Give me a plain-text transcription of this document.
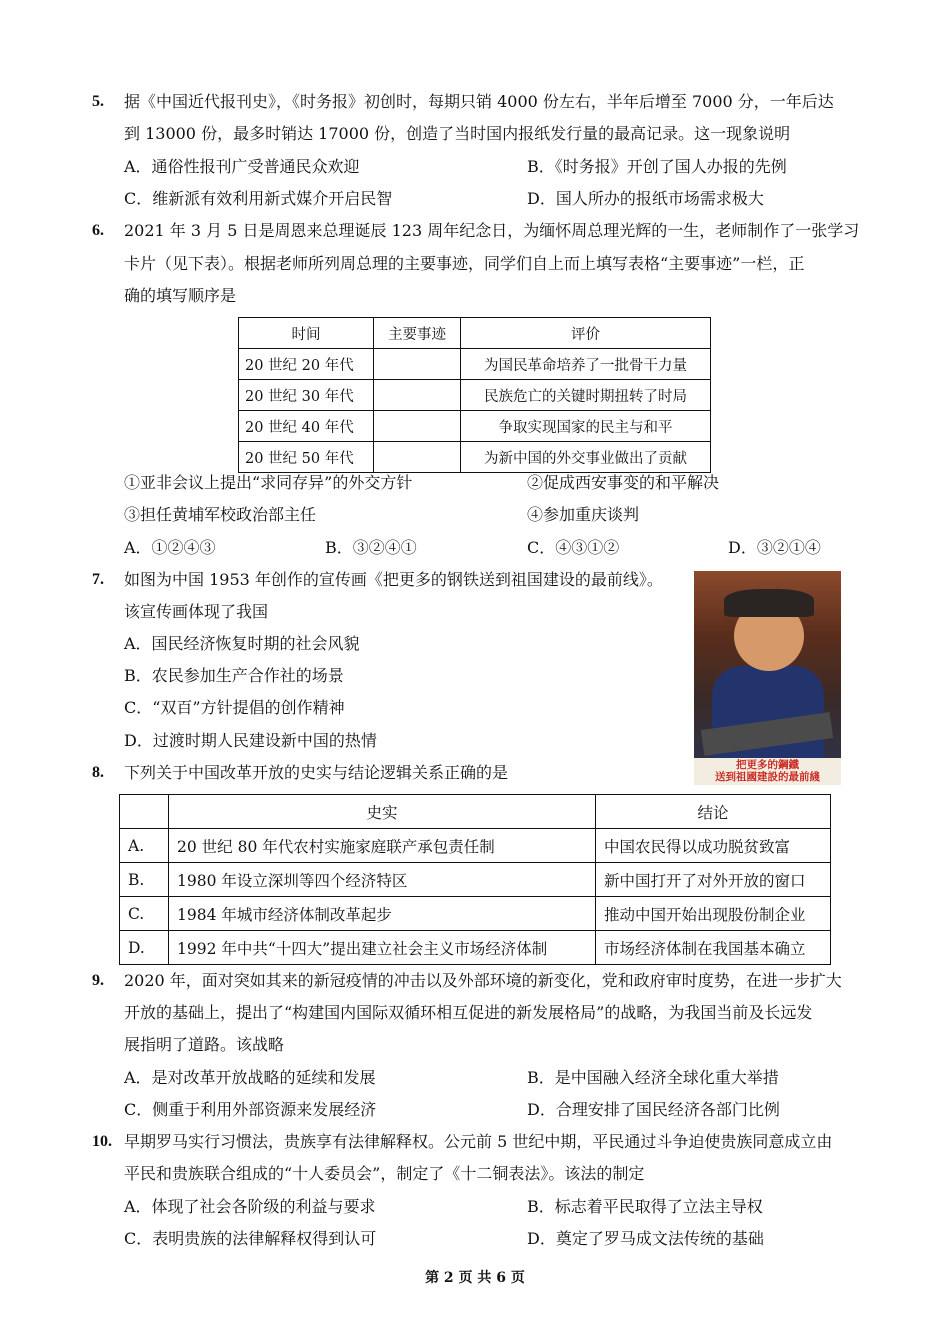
5. 据《中国近代报刊史》，《时务报》初创时，每期只销 4000 份左右，半年后增至 7000 分，一年后达
到 13000 份，最多时销达 17000 份，创造了当时国内报纸发行量的最高记录。这一现象说明
A．通俗性报刊广受普通民众欢迎	B．《时务报》开创了国人办报的先例
C．维新派有效利用新式媒介开启民智	D．国人所办的报纸市场需求极大
6. 2021 年 3 月 5 日是周恩来总理诞辰 123 周年纪念日，为缅怀周总理光辉的一生，老师制作了一张学习
卡片（见下表）。根据老师所列周总理的主要事迹，同学们自上而上填写表格“主要事迹”一栏，正
确的填写顺序是
时间	主要事迹	评价
20 世纪 20 年代		为国民革命培养了一批骨干力量
20 世纪 30 年代		民族危亡的关键时期扭转了时局
20 世纪 40 年代		争取实现国家的民主与和平
20 世纪 50 年代		为新中国的外交事业做出了贡献
①亚非会议上提出“求同存异”的外交方针	②促成西安事变的和平解决
③担任黄埔军校政治部主任	④参加重庆谈判
A．①②④③	B．③②④①	C．④③①②	D．③②①④
7. 如图为中国 1953 年创作的宣传画《把更多的钢铁送到祖国建设的最前线》。
该宣传画体现了我国
A．国民经济恢复时期的社会风貌
B．农民参加生产合作社的场景
C．“双百”方针提倡的创作精神
D．过渡时期人民建设新中国的热情
把更多的鋼鐵
送到祖國建設的最前綫
8. 下列关于中国改革开放的史实与结论逻辑关系正确的是
	史实	结论
A.	20 世纪 80 年代农村实施家庭联产承包责任制	中国农民得以成功脱贫致富
B.	1980 年设立深圳等四个经济特区	新中国打开了对外开放的窗口
C.	1984 年城市经济体制改革起步	推动中国开始出现股份制企业
D.	1992 年中共“十四大”提出建立社会主义市场经济体制	市场经济体制在我国基本确立
9. 2020 年，面对突如其来的新冠疫情的冲击以及外部环境的新变化，党和政府审时度势，在进一步扩大
开放的基础上，提出了“构建国内国际双循环相互促进的新发展格局”的战略，为我国当前及长远发
展指明了道路。该战略
A．是对改革开放战略的延续和发展	B．是中国融入经济全球化重大举措
C．侧重于利用外部资源来发展经济	D．合理安排了国民经济各部门比例
10. 早期罗马实行习惯法，贵族享有法律解释权。公元前 5 世纪中期，平民通过斗争迫使贵族同意成立由
平民和贵族联合组成的“十人委员会”，制定了《十二铜表法》。该法的制定
A．体现了社会各阶级的利益与要求	B．标志着平民取得了立法主导权
C．表明贵族的法律解释权得到认可	D．奠定了罗马成文法传统的基础
第 2 页 共 6 页
